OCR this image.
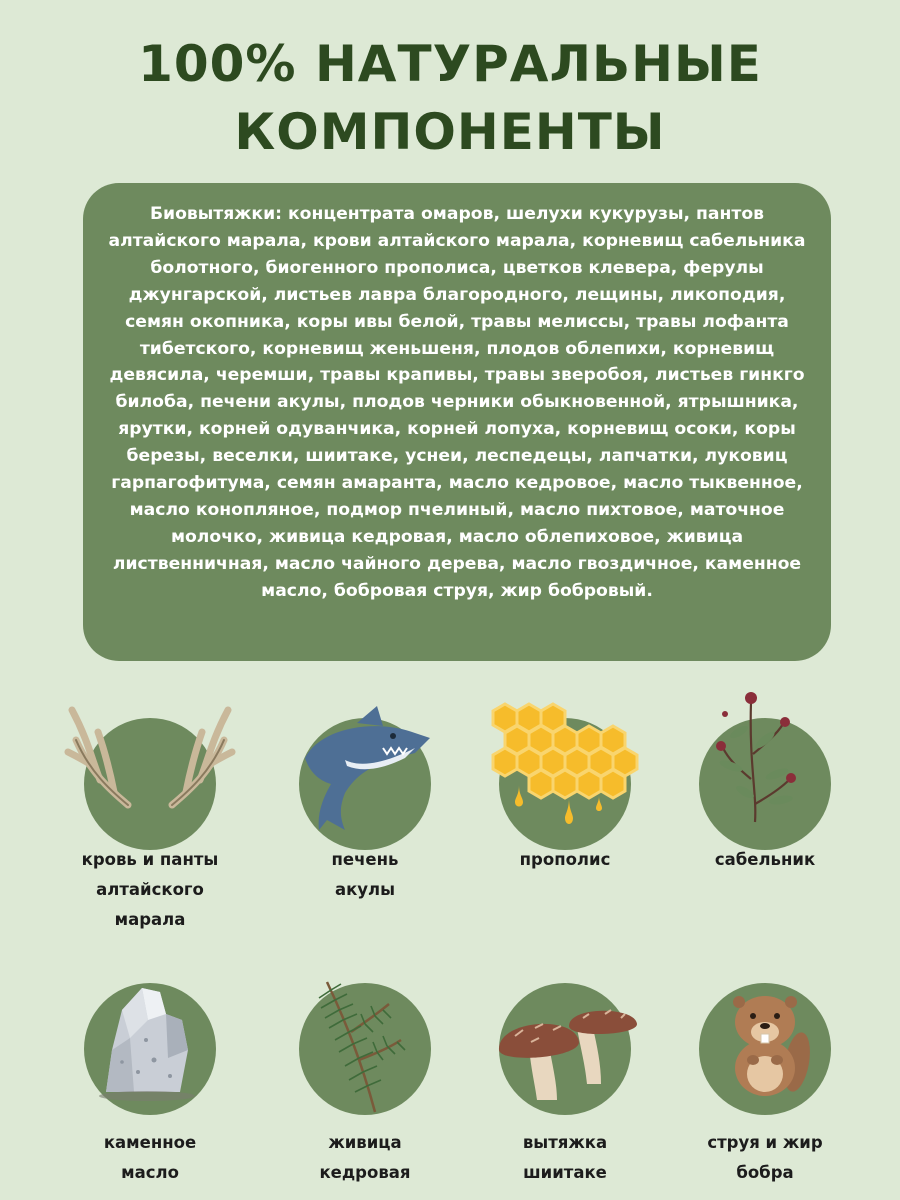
100% НАТУРАЛЬНЫЕ
КОМПОНЕНТЫ

Биовытяжки: концентрата омаров, шелухи кукурузы, пантов алтайского марала, крови алтайского марала, корневищ сабельника болотного, биогенного прополиса, цветков клевера, ферулы джунгарской, листьев лавра благородного, лещины, ликоподия, семян окопника, коры ивы белой, травы мелиссы, травы лофанта тибетского, корневищ женьшеня, плодов облепихи, корневищ девясила, черемши, травы крапивы, травы зверобоя, листьев гинкго билоба, печени акулы, плодов черники обыкновенной, ятрышника, ярутки, корней одуванчика, корней лопуха, корневищ осоки, коры березы, веселки, шиитаке, уснеи, леспедецы, лапчатки, луковиц гарпагофитума, семян амаранта, масло кедровое, масло тыквенное, масло конопляное, подмор пчелиный, масло пихтовое, маточное молочко, живица кедровая, масло облепиховое, живица лиственничная, масло чайного дерева, масло гвоздичное, каменное масло, бобровая струя, жир бобровый.

кровь и панты
алтайского
марала
печень
акулы
прополис	сабельник
каменное
масло
живица
кедровая
вытяжка
шиитаке
струя и жир
бобра
